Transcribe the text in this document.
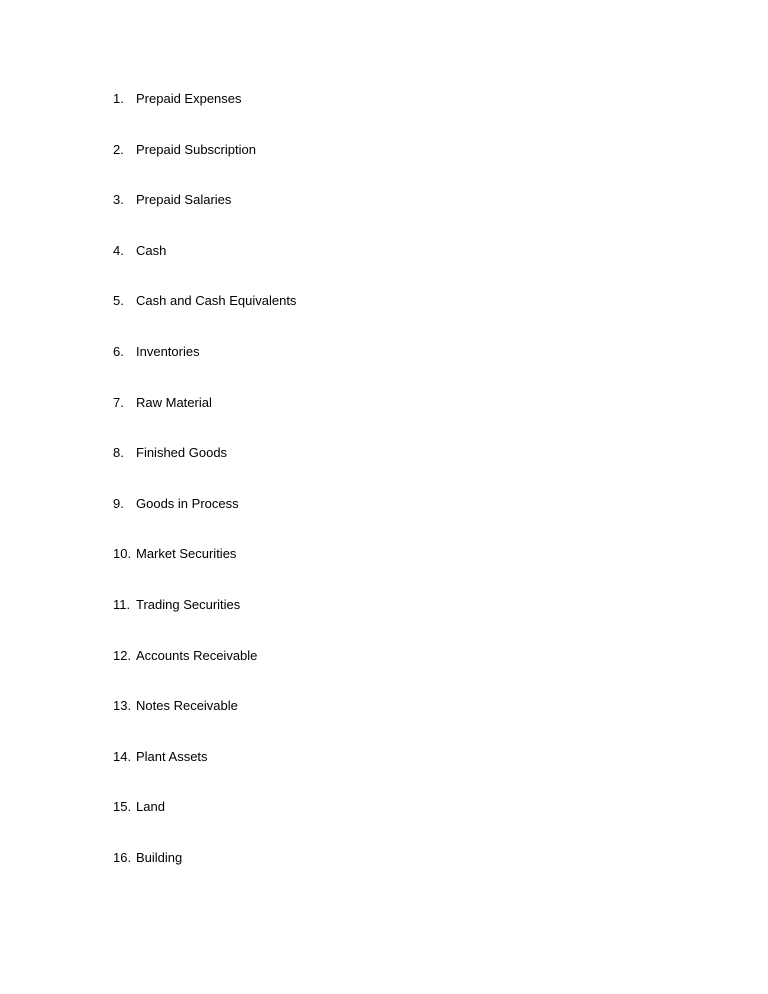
1. Prepaid Expenses
2. Prepaid Subscription
3. Prepaid Salaries
4. Cash
5. Cash and Cash Equivalents
6. Inventories
7. Raw Material
8. Finished Goods
9. Goods in Process
10. Market Securities
11. Trading Securities
12. Accounts Receivable
13. Notes Receivable
14. Plant Assets
15. Land
16. Building
